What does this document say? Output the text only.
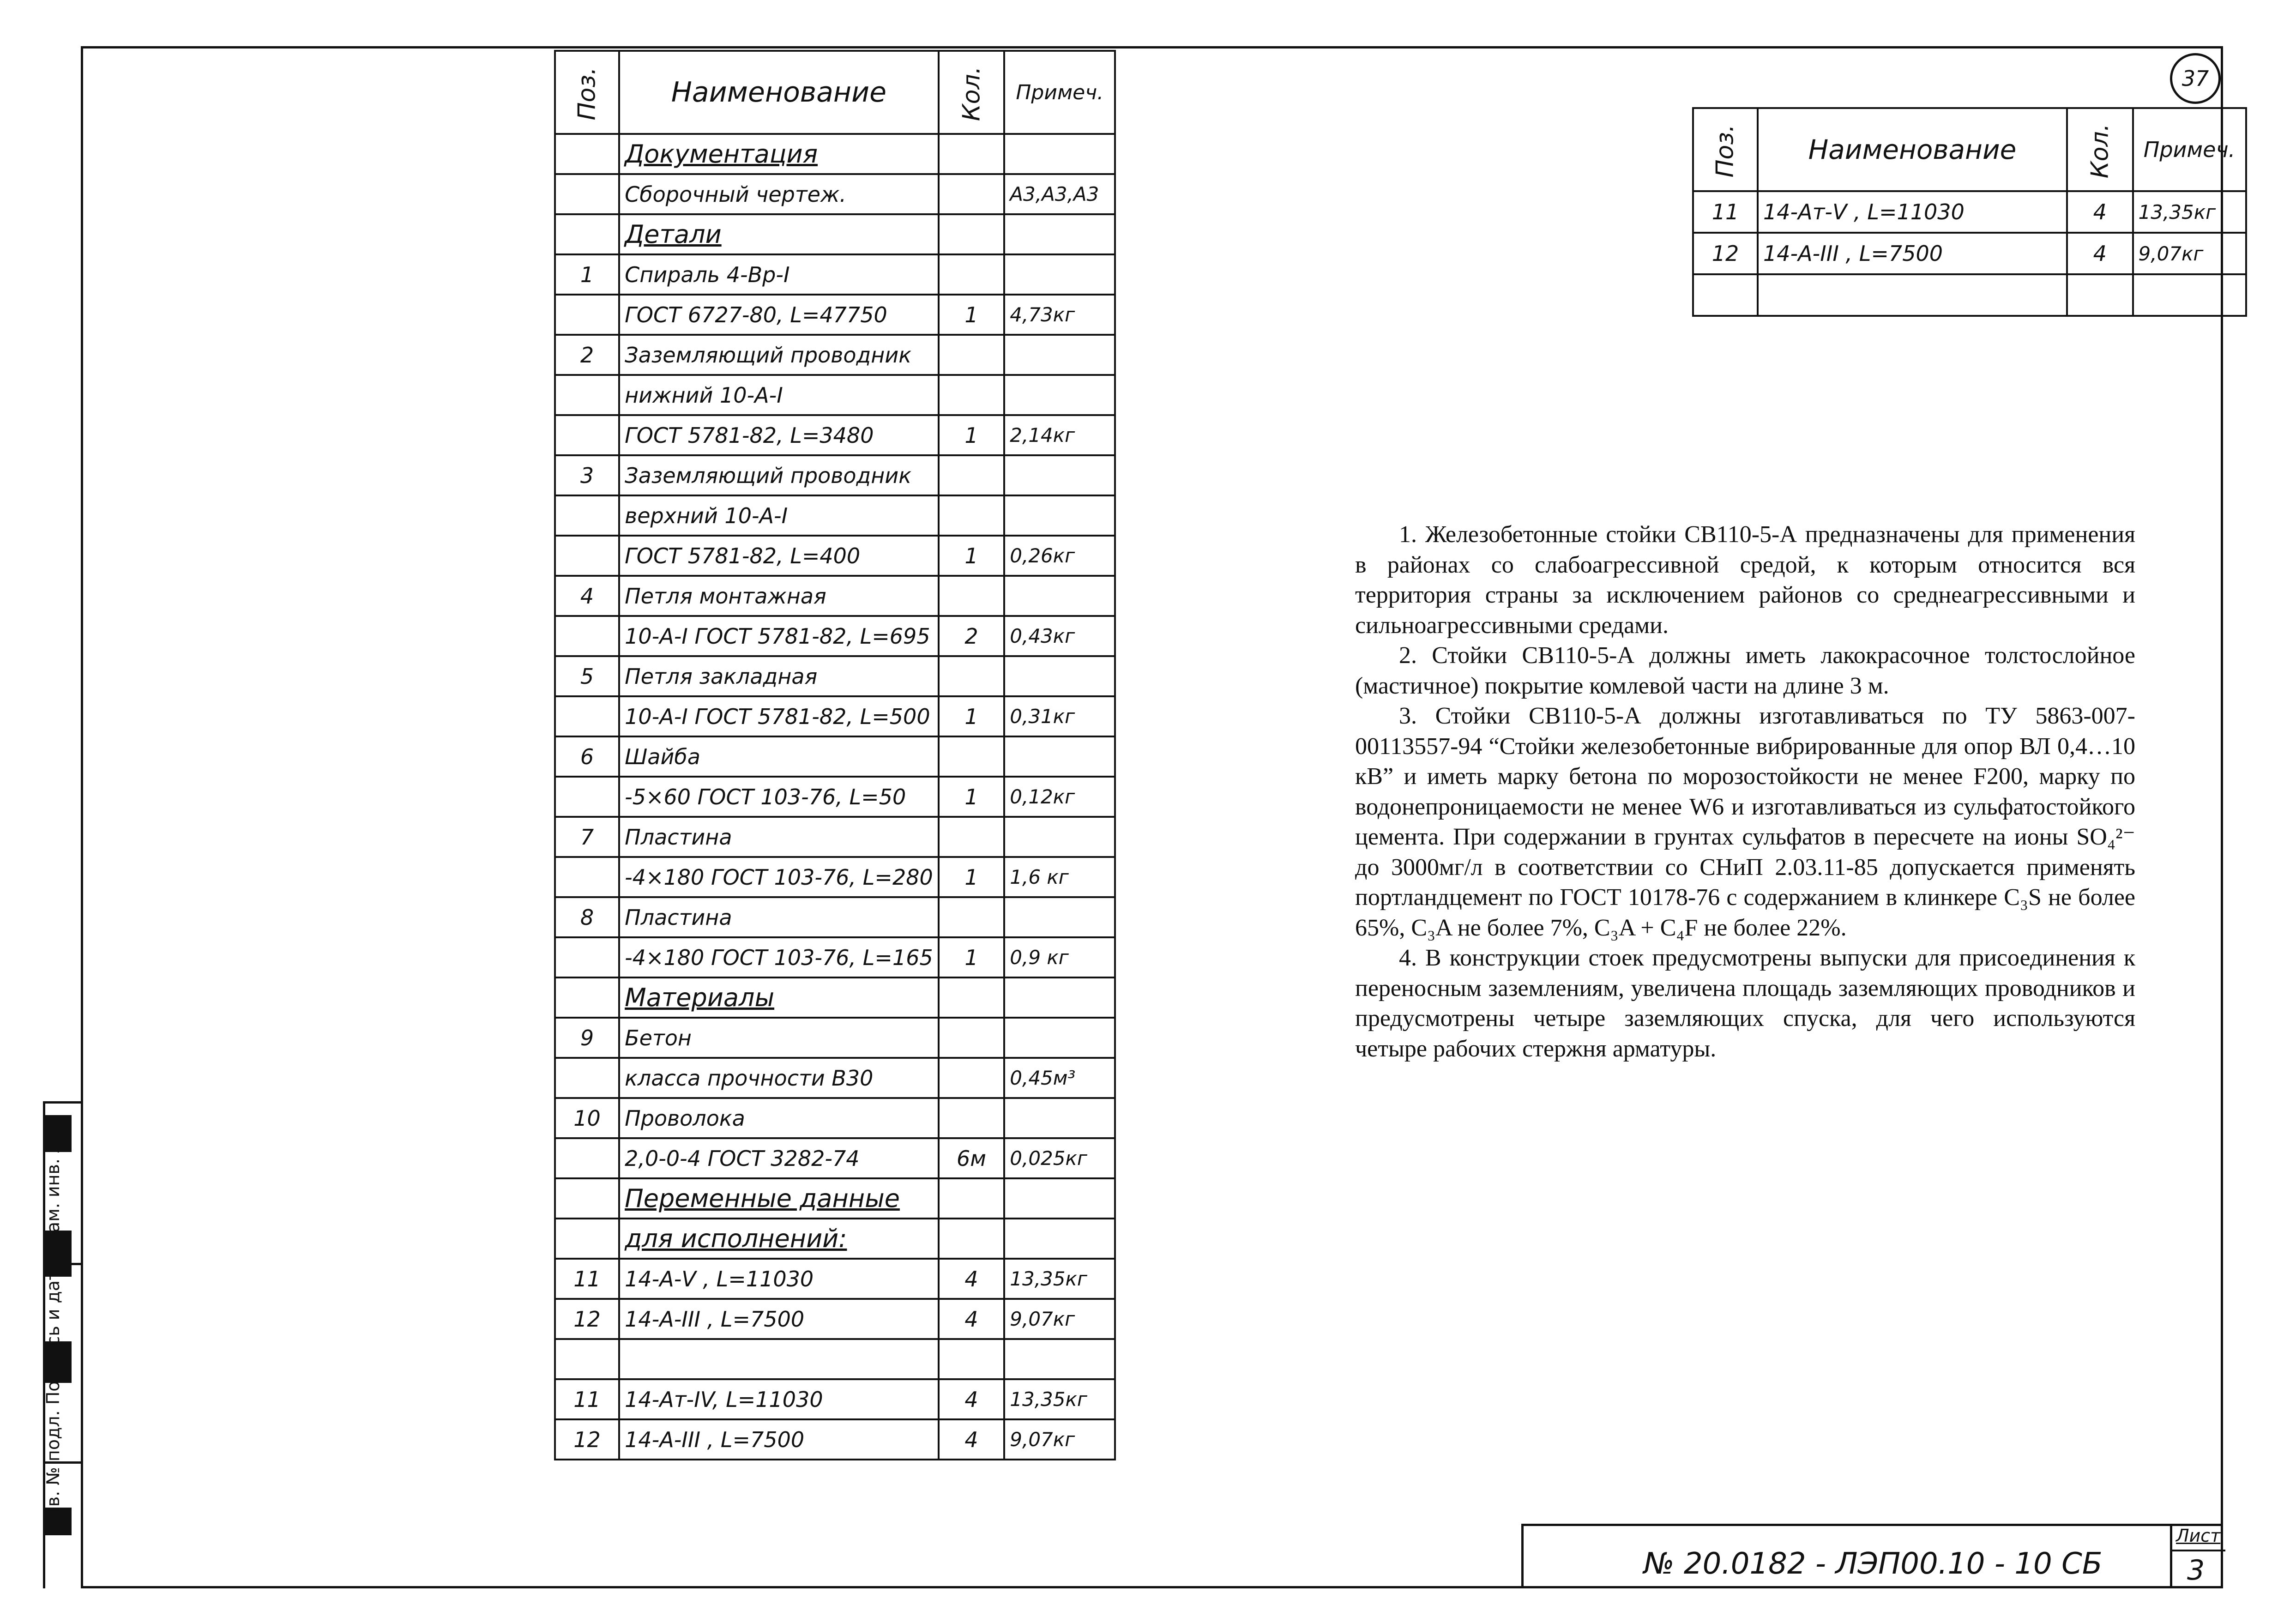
37
Поз.	Наименование	Кол.	Примеч.
	Документация		
	Сборочный чертеж.		А3,А3,А3
	Детали		
1	Спираль 4-Вр-I		
	ГОСТ 6727-80, L=47750	1	4,73кг
2	Заземляющий проводник		
	нижний 10-А-I		
	ГОСТ 5781-82, L=3480	1	2,14кг
3	Заземляющий проводник		
	верхний 10-А-I		
	ГОСТ 5781-82, L=400	1	0,26кг
4	Петля монтажная		
	10-А-I ГОСТ 5781-82, L=695	2	0,43кг
5	Петля закладная		
	10-А-I ГОСТ 5781-82, L=500	1	0,31кг
6	Шайба		
	-5×60 ГОСТ 103-76, L=50	1	0,12кг
7	Пластина		
	-4×180 ГОСТ 103-76, L=280	1	1,6 кг
8	Пластина		
	-4×180 ГОСТ 103-76, L=165	1	0,9 кг
	Материалы		
9	Бетон		
	класса прочности В30		0,45м³
10	Проволока		
	2,0-0-4 ГОСТ 3282-74	6м	0,025кг
	Переменные данные		
	для исполнений:		
11	14-А-V , L=11030	4	13,35кг
12	14-А-III , L=7500	4	9,07кг

11	14-Ат-IV, L=11030	4	13,35кг
12	14-А-III , L=7500	4	9,07кг
Поз.	Наименование	Кол.	Примеч.
11	14-Ат-V , L=11030	4	13,35кг
12	14-А-III , L=7500	4	9,07кг

1. Железобетонные стойки СВ110-5-А предназначены для применения в районах со слабоагрессивной средой, к которым относится вся территория страны за исключением районов со среднеагрессивными и сильноагрессивными средами.

2. Стойки СВ110-5-А должны иметь лакокрасочное толстослойное (мастичное) покрытие комлевой части на длине 3 м.

3. Стойки СВ110-5-А должны изготавливаться по ТУ 5863-007-00113557-94 “Стойки железобетонные вибрированные для опор ВЛ 0,4…10 кВ” и иметь марку бетона по морозостойкости не менее F200, марку по водонепроницаемости не менее W6 и изготавливаться из сульфатостойкого цемента. При содержании в грунтах сульфатов в пересчете на ионы SO₄²⁻ до 3000мг/л в соответствии со СНиП 2.03.11-85 допускается применять портландцемент по ГОСТ 10178-76 с содержанием в клинкере C₃S не более 65%, C₃A не более 7%, C₃A + C₄F не более 22%.

4. В конструкции стоек предусмотрены выпуски для присоединения к переносным заземлениям, увеличена площадь заземляющих проводников и предусмотрены четыре заземляющих спуска, для чего используются четыре рабочих стержня арматуры.

№ 20.0182 - ЛЭП00.10 - 10 СБ
Лист
3
Инв. № подл. Подпись и дата Взам. инв. №
